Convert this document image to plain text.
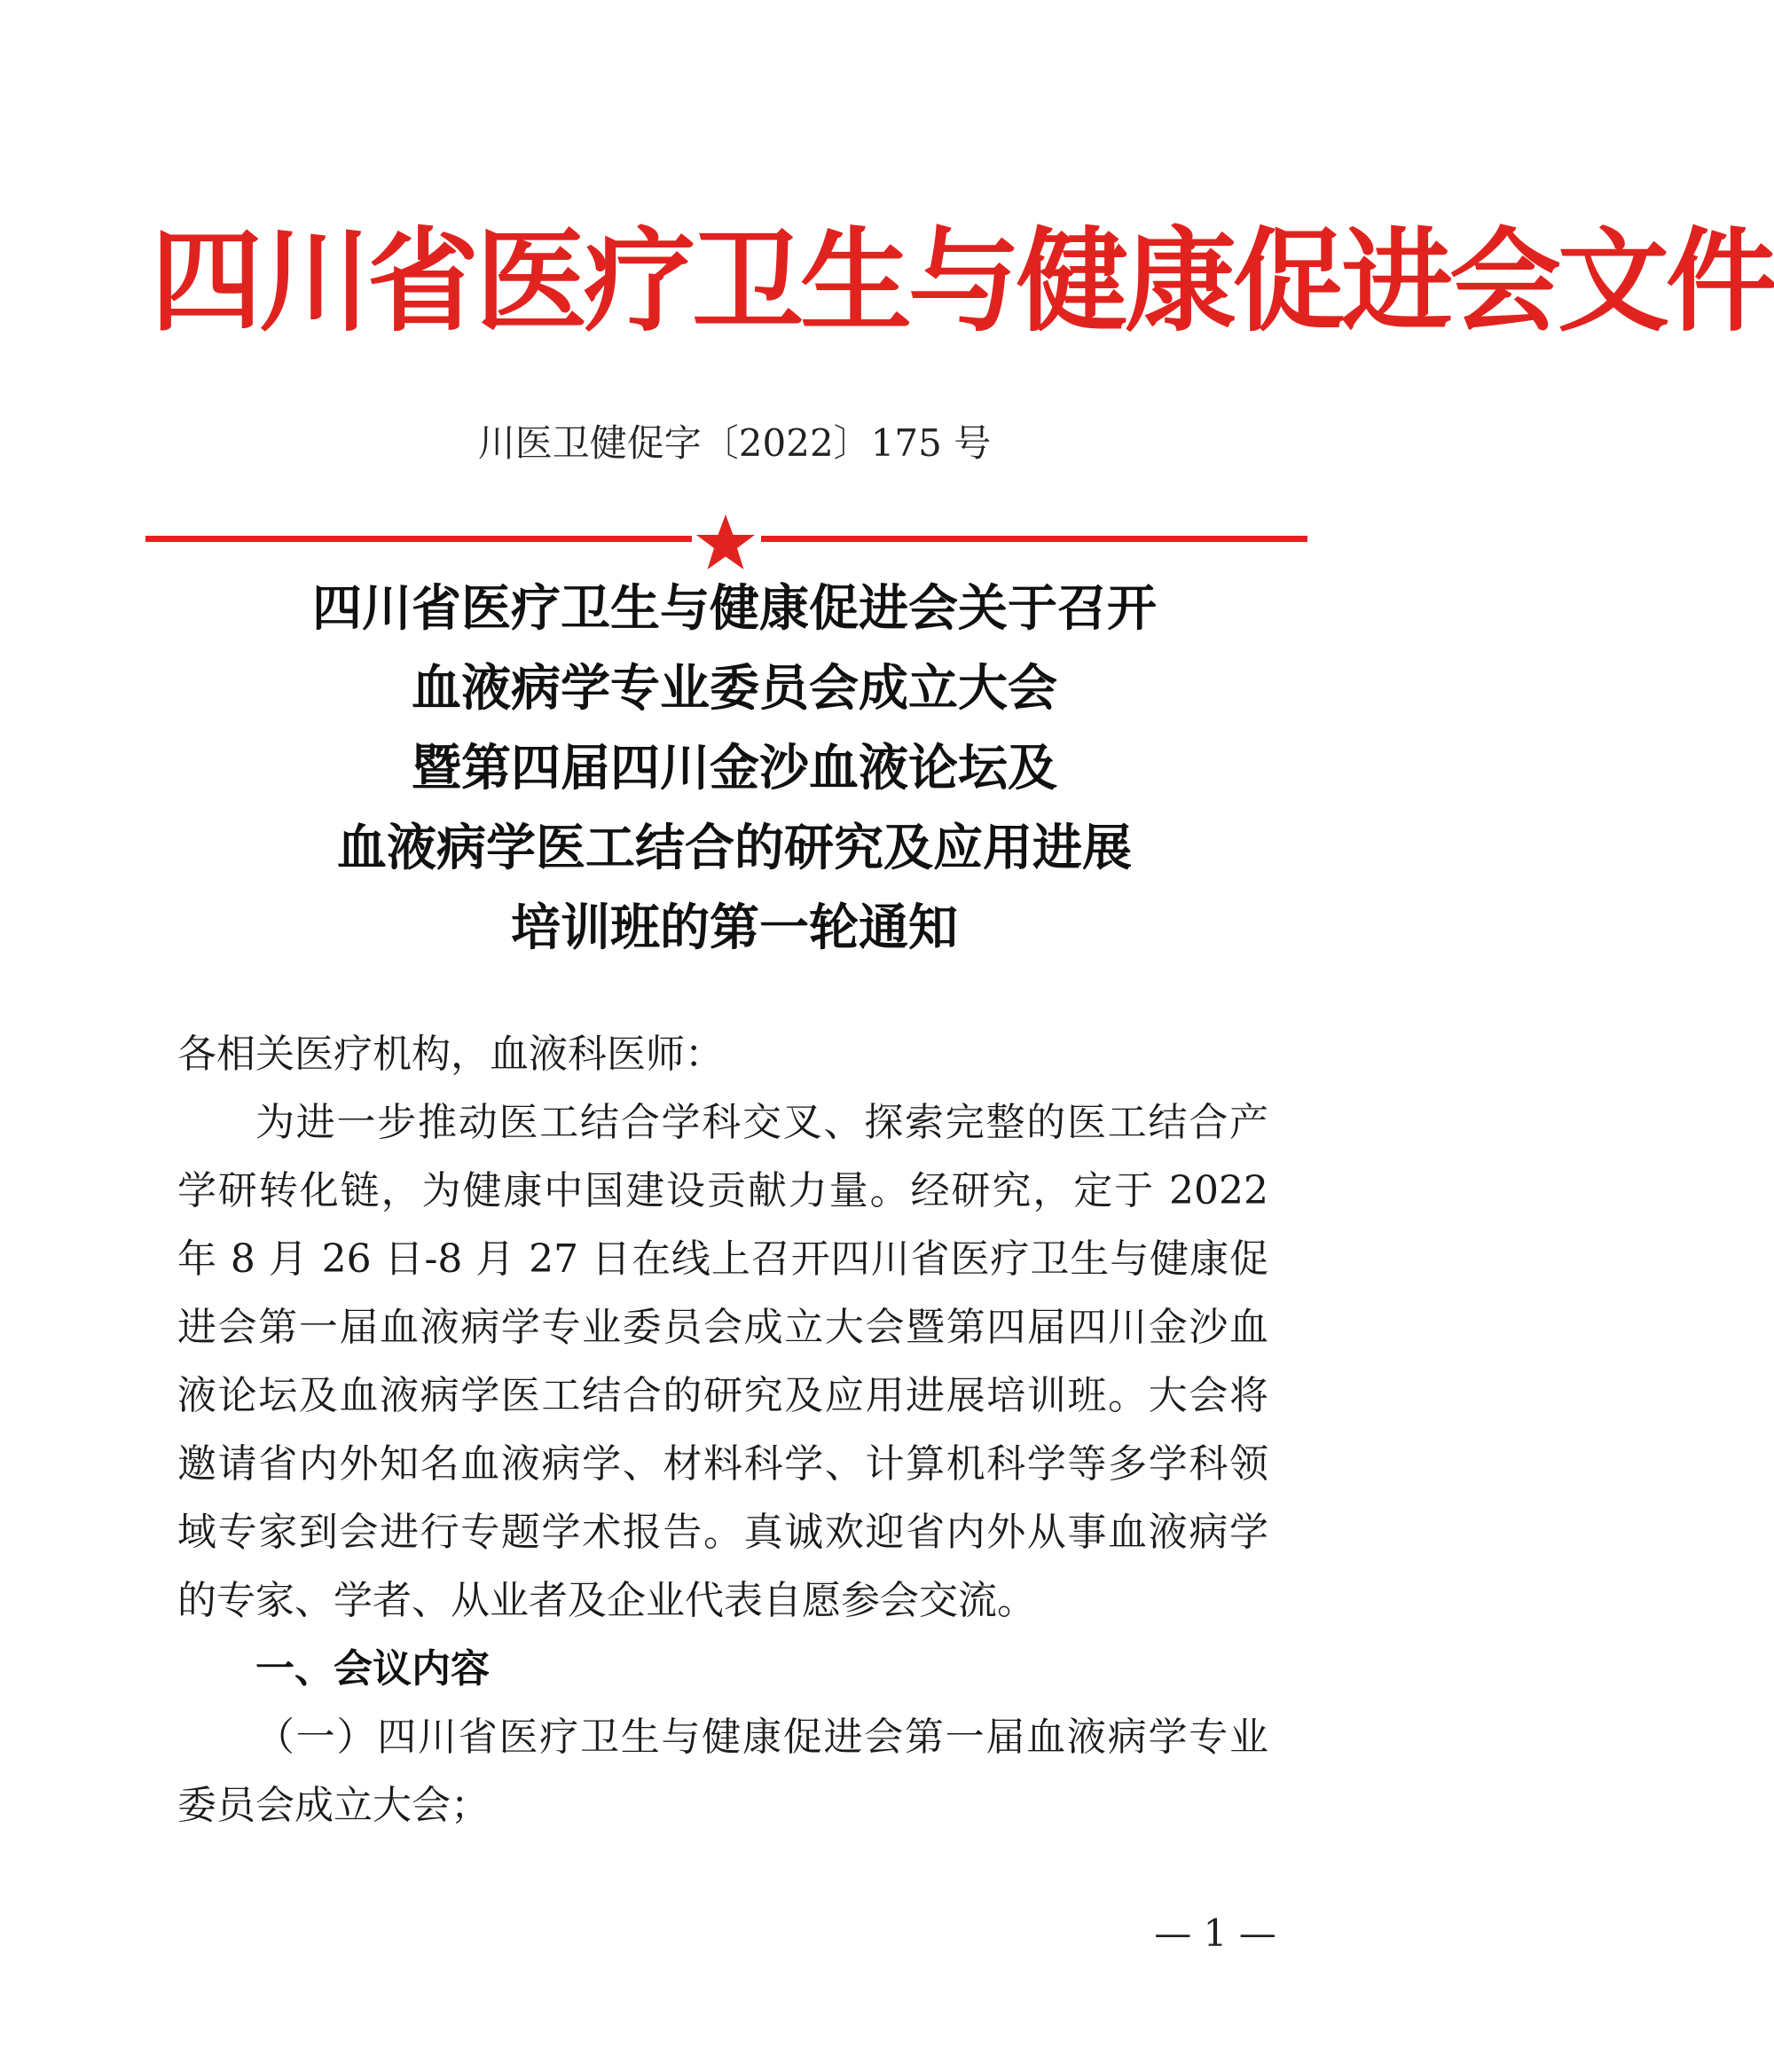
四川省医疗卫生与健康促进会文件
川医卫健促字〔2022〕175 号
四川省医疗卫生与健康促进会关于召开
血液病学专业委员会成立大会
暨第四届四川金沙血液论坛及
血液病学医工结合的研究及应用进展
培训班的第一轮通知
各相关医疗机构，血液科医师：
为进一步推动医工结合学科交叉、探索完整的医工结合产学研转化链，为健康中国建设贡献力量。经研究，定于 2022 年 8 月 26 日-8 月 27 日在线上召开四川省医疗卫生与健康促进会第一届血液病学专业委员会成立大会暨第四届四川金沙血液论坛及血液病学医工结合的研究及应用进展培训班。大会将邀请省内外知名血液病学、材料科学、计算机科学等多学科领域专家到会进行专题学术报告。真诚欢迎省内外从事血液病学的专家、学者、从业者及企业代表自愿参会交流。
一、会议内容
（一）四川省医疗卫生与健康促进会第一届血液病学专业委员会成立大会；
— 1 —
